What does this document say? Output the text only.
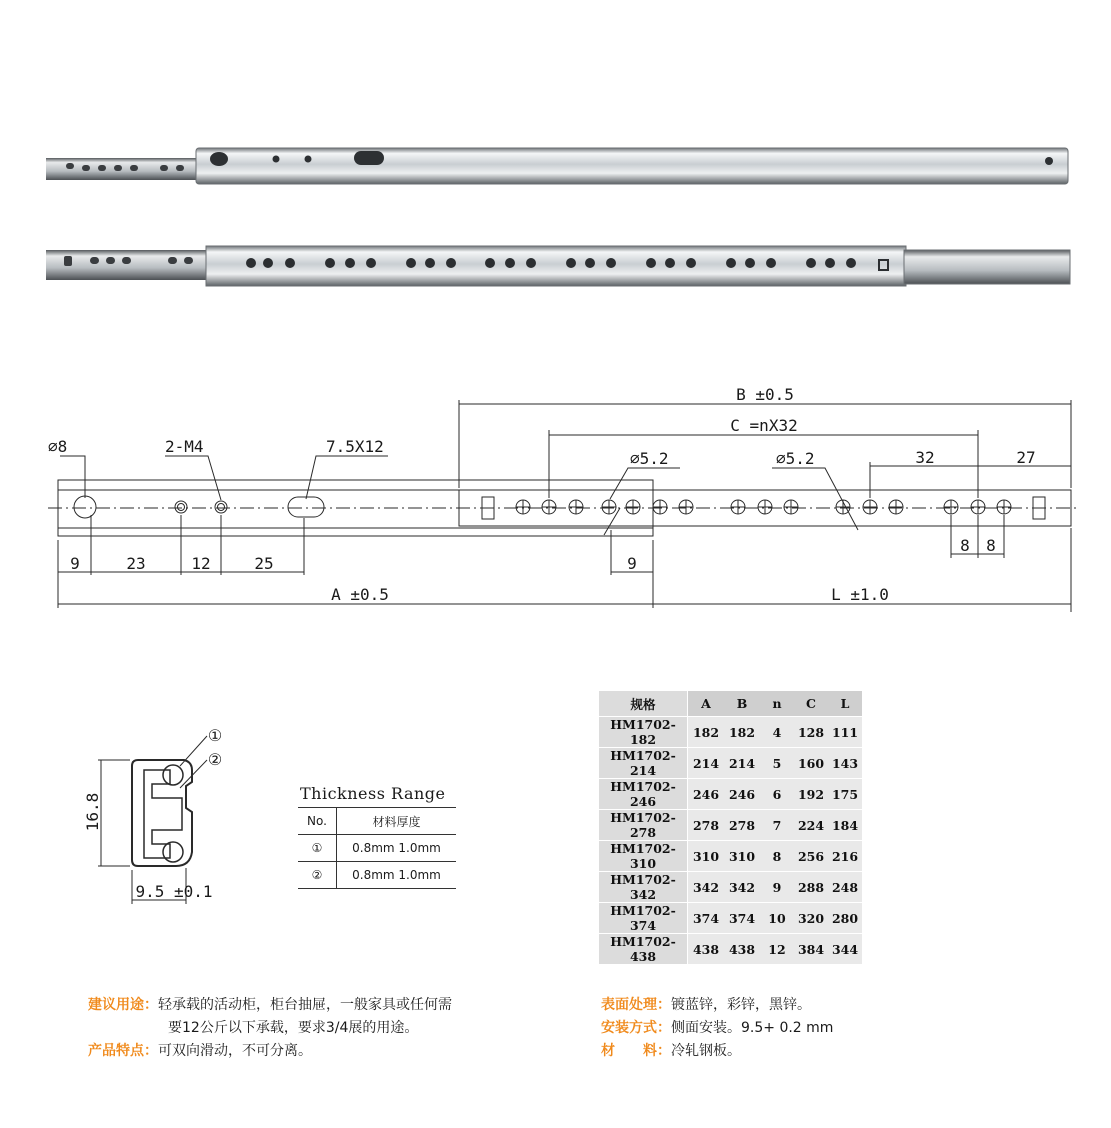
B ±0.5
C =nX32
⌀8	2-M4	7.5X12
⌀5.2	⌀5.2	32	27
9	23	12	25	9
8 8
A ±0.5	L ±1.0
16.8
9.5 ±0.1
①
②
Thickness Range
No.	材料厚度
①	0.8mm 1.0mm
②	0.8mm 1.0mm
规格	A	B	n	C	L
HM1702-182	182	182	4	128	111
HM1702-214	214	214	5	160	143
HM1702-246	246	246	6	192	175
HM1702-278	278	278	7	224	184
HM1702-310	310	310	8	256	216
HM1702-342	342	342	9	288	248
HM1702-374	374	374	10	320	280
HM1702-438	438	438	12	384	344
建议用途：轻承载的活动柜，柜台抽屉，一般家具或任何需
要12公斤以下承载，要求3/4展的用途。
产品特点：可双向滑动，不可分离。
表面处理：镀蓝锌，彩锌，黑锌。
安装方式：侧面安装。9.5+ 0.2 mm
材　　料：冷轧钢板。
